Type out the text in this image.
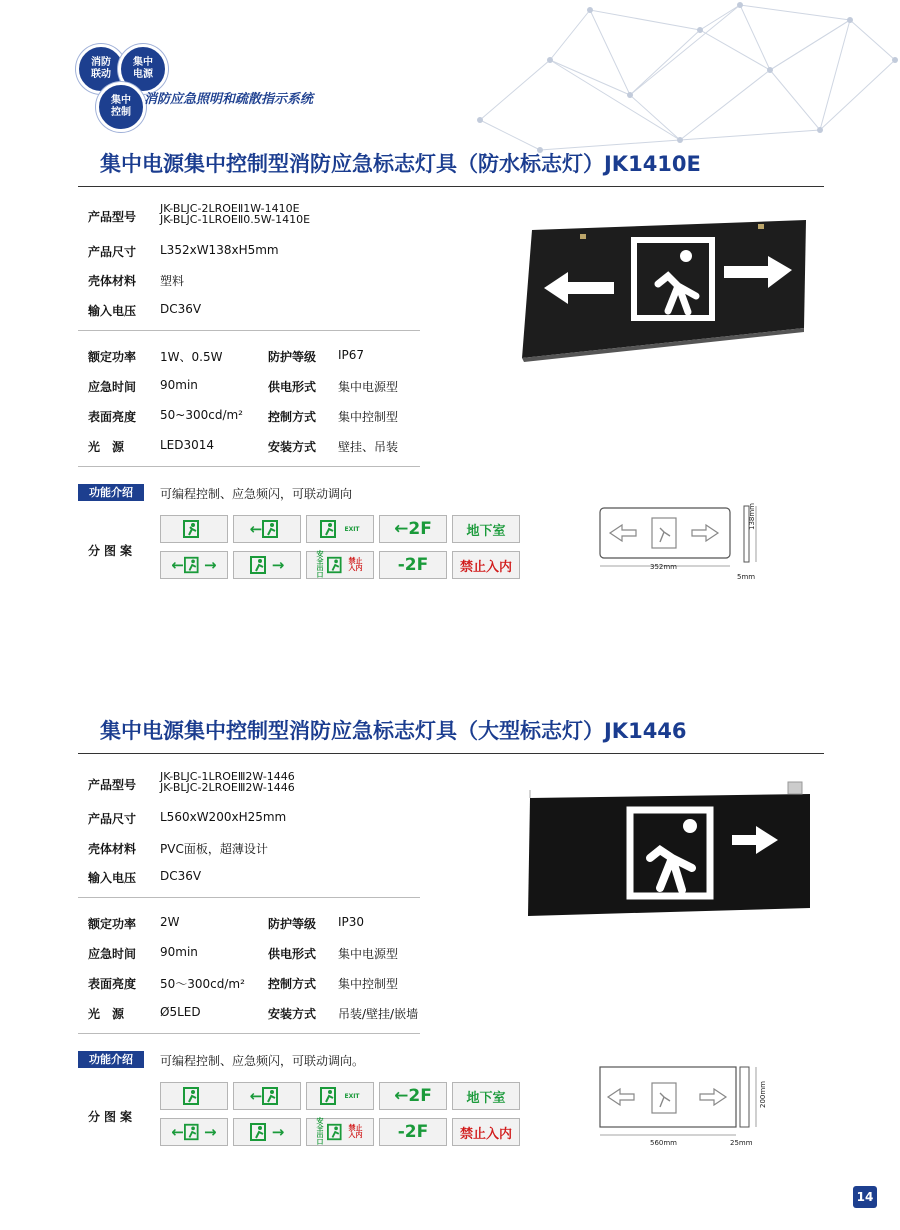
消防
联动
集中
电源
集中
控制
消防应急照明和疏散指示系统
集中电源集中控制型消防应急标志灯具（防水标志灯）JK1410E
产品型号
JK-BLJC-2LROEⅡ1W-1410E
JK-BLJC-1LROEⅡ0.5W-1410E
产品尺寸 L352xW138xH5mm
壳体材料 塑料
输入电压 DC36V
额定功率 1W、0.5W	防护等级 IP67
应急时间 90min	供电形式 集中电源型
表面亮度 50~300cd/m² 控制方式 集中控制型
光　源	LED3014	安装方式 壁挂、吊装
功能介绍	可编程控制、应急频闪，可联动调向
分图案
←	EXIT	←2F	地下室
← →	→
安全出口
禁止入内	-2F	禁止入内	352mm
5mm
138mm
集中电源集中控制型消防应急标志灯具（大型标志灯）JK1446
产品型号
JK-BLJC-1LROEⅢ2W-1446
JK-BLJC-2LROEⅢ2W-1446
产品尺寸 L560xW200xH25mm
壳体材料 PVC面板，超薄设计
输入电压 DC36V
额定功率 2W	防护等级 IP30
应急时间 90min	供电形式 集中电源型
表面亮度 50～300cd/m² 控制方式 集中控制型
光　源	Ø5LED	安装方式 吊装/壁挂/嵌墙
功能介绍	可编程控制、应急频闪，可联动调向。
分图案
←	EXIT	←2F	地下室
← →	→
安全出口
禁止入内	-2F	禁止入内
560mm	25mm
200mm
14
